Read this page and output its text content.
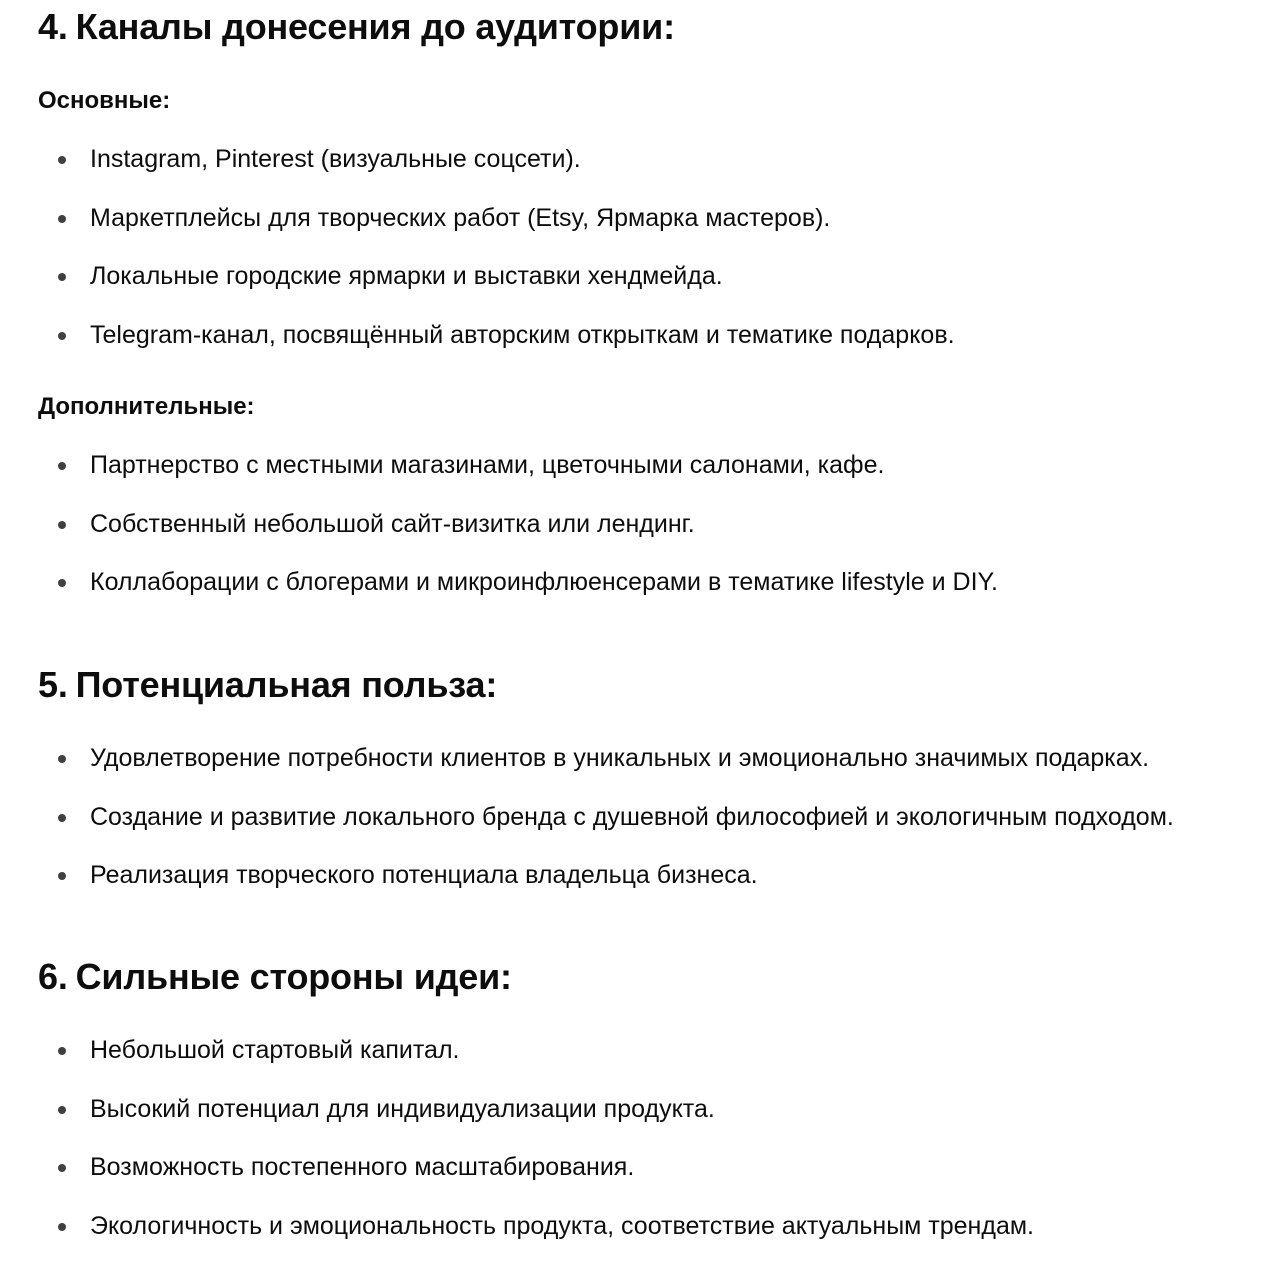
4. Каналы донесения до аудитории:
Основные:
Instagram, Pinterest (визуальные соцсети).
Маркетплейсы для творческих работ (Etsy, Ярмарка мастеров).
Локальные городские ярмарки и выставки хендмейда.
Telegram-канал, посвящённый авторским открыткам и тематике подарков.
Дополнительные:
Партнерство с местными магазинами, цветочными салонами, кафе.
Собственный небольшой сайт-визитка или лендинг.
Коллаборации с блогерами и микроинфлюенсерами в тематике lifestyle и DIY.
5. Потенциальная польза:
Удовлетворение потребности клиентов в уникальных и эмоционально значимых подарках.
Создание и развитие локального бренда с душевной философией и экологичным подходом.
Реализация творческого потенциала владельца бизнеса.
6. Сильные стороны идеи:
Небольшой стартовый капитал.
Высокий потенциал для индивидуализации продукта.
Возможность постепенного масштабирования.
Экологичность и эмоциональность продукта, соответствие актуальным трендам.
